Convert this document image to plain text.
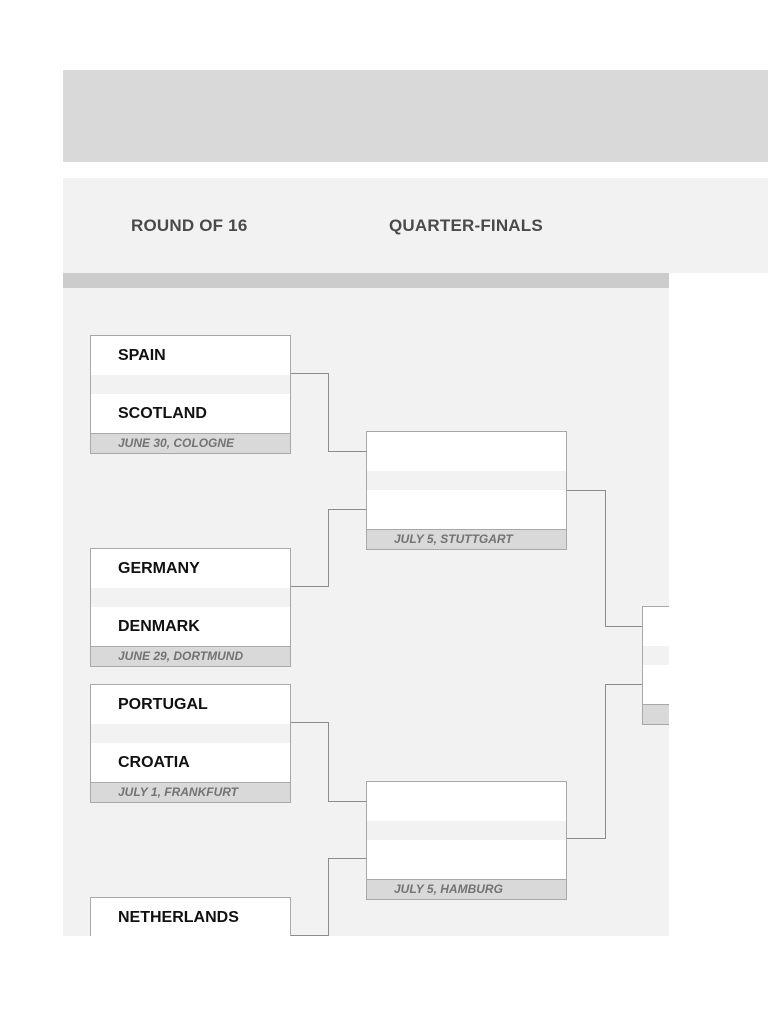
ROUND OF 16	QUARTER-FINALS
SPAIN
SCOTLAND
JUNE 30, COLOGNE
GERMANY
DENMARK
JUNE 29, DORTMUND
PORTUGAL
CROATIA
JULY 1, FRANKFURT
NETHERLANDS
JULY 5, STUTTGART
JULY 5, HAMBURG
